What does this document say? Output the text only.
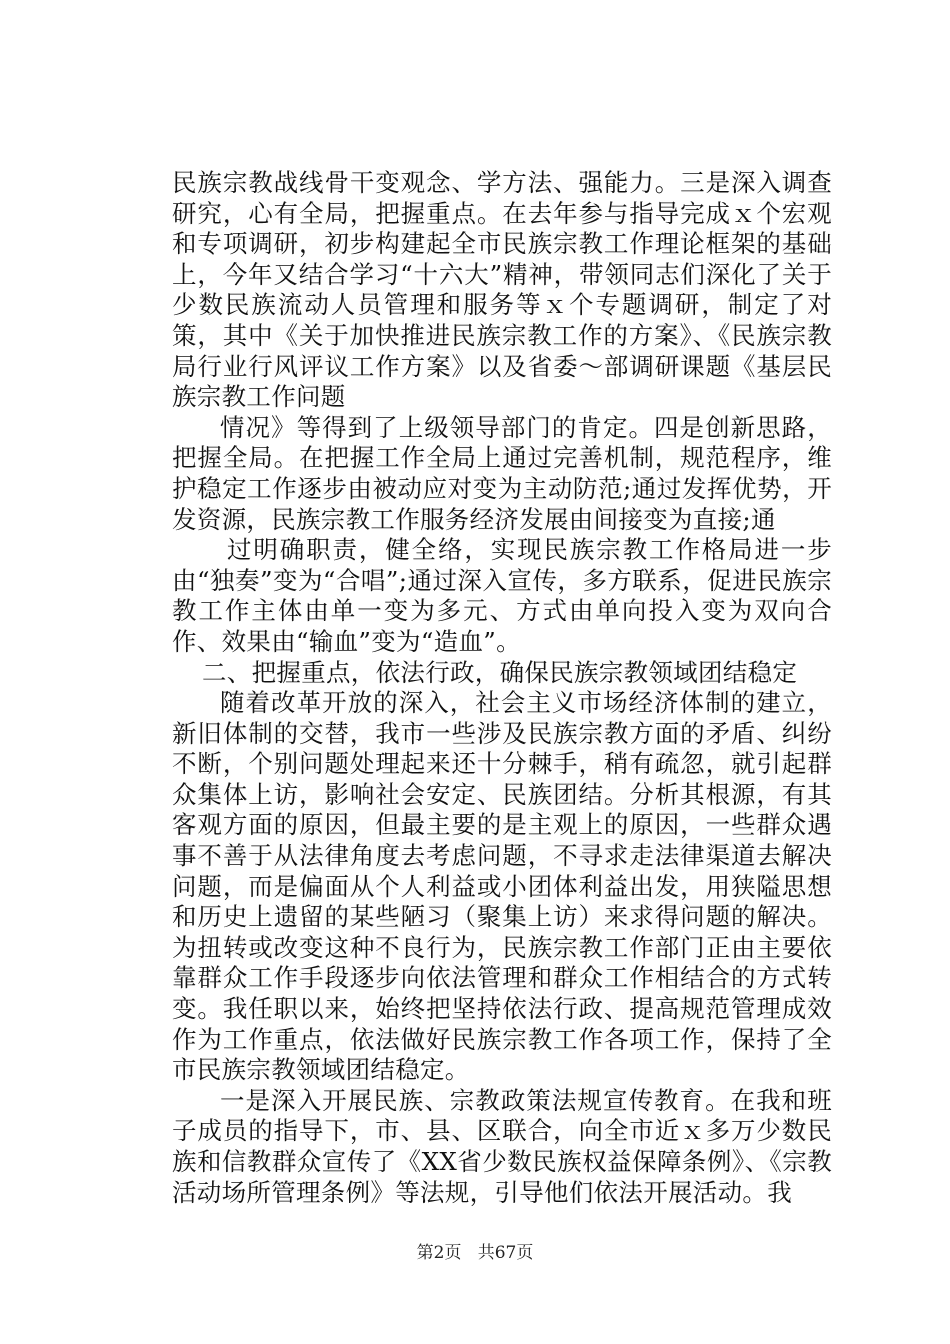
民族宗教战线骨干变观念、学方法、强能力。三是深入调查研究，心有全局，把握重点。在去年参与指导完成ｘ个宏观和专项调研，初步构建起全市民族宗教工作理论框架的基础上，今年又结合学习“十六大”精神，带领同志们深化了关于少数民族流动人员管理和服务等ｘ个专题调研，制定了对策，其中《关于加快推进民族宗教工作的方案》、《民族宗教局行业行风评议工作方案》以及省委～部调研课题《基层民族宗教工作问题

情况》等得到了上级领导部门的肯定。四是创新思路，把握全局。在把握工作全局上通过完善机制，规范程序，维护稳定工作逐步由被动应对变为主动防范;通过发挥优势，开发资源，民族宗教工作服务经济发展由间接变为直接;通

过明确职责，健全络，实现民族宗教工作格局进一步由“独奏”变为“合唱”;通过深入宣传，多方联系，促进民族宗教工作主体由单一变为多元、方式由单向投入变为双向合作、效果由“输血”变为“造血”。

二、把握重点，依法行政，确保民族宗教领域团结稳定

随着改革开放的深入，社会主义市场经济体制的建立，新旧体制的交替，我市一些涉及民族宗教方面的矛盾、纠纷不断，个别问题处理起来还十分棘手，稍有疏忽，就引起群众集体上访，影响社会安定、民族团结。分析其根源，有其客观方面的原因，但最主要的是主观上的原因，一些群众遇事不善于从法律角度去考虑问题，不寻求走法律渠道去解决问题，而是偏面从个人利益或小团体利益出发，用狭隘思想和历史上遗留的某些陋习（聚集上访）来求得问题的解决。为扭转或改变这种不良行为，民族宗教工作部门正由主要依靠群众工作手段逐步向依法管理和群众工作相结合的方式转变。我任职以来，始终把坚持依法行政、提高规范管理成效作为工作重点，依法做好民族宗教工作各项工作，保持了全市民族宗教领域团结稳定。

一是深入开展民族、宗教政策法规宣传教育。在我和班子成员的指导下，市、县、区联合，向全市近ｘ多万少数民族和信教群众宣传了《XX省少数民族权益保障条例》、《宗教活动场所管理条例》等法规，引导他们依法开展活动。我

第2页 共67页
